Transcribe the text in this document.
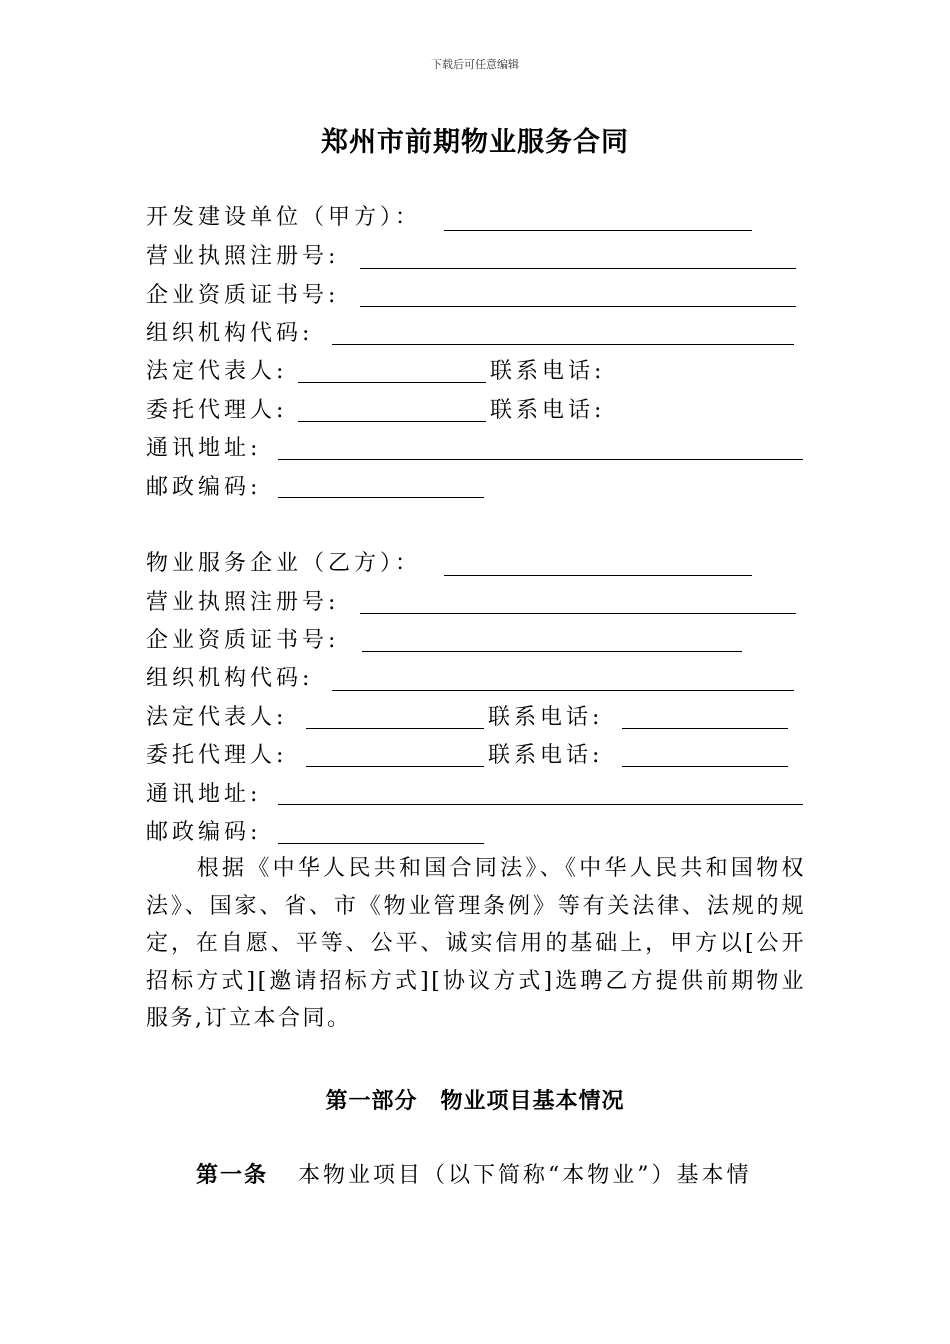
下载后可任意编辑
郑州市前期物业服务合同
开发建设单位（甲方）：
营业执照注册号:
企业资质证书号:
组织机构代码:
法定代表人:	联系电话:
委托代理人:	联系电话:
通讯地址:
邮政编码:
物业服务企业（乙方）：
营业执照注册号:
企业资质证书号:
组织机构代码:
法定代表人:	联系电话:
委托代理人:	联系电话:
通讯地址:
邮政编码:
根据《中华人民共和国合同法》、《中华人民共和国物权法》、国家、省、市《物业管理条例》等有关法律、法规的规定，在自愿、平等、公平、诚实信用的基础上，甲方以[公开招标方式][邀请招标方式][协议方式]选聘乙方提供前期物业服务,订立本合同。
第一部分　物业项目基本情况
第一条 本物业项目（以下简称“本物业”）基本情
